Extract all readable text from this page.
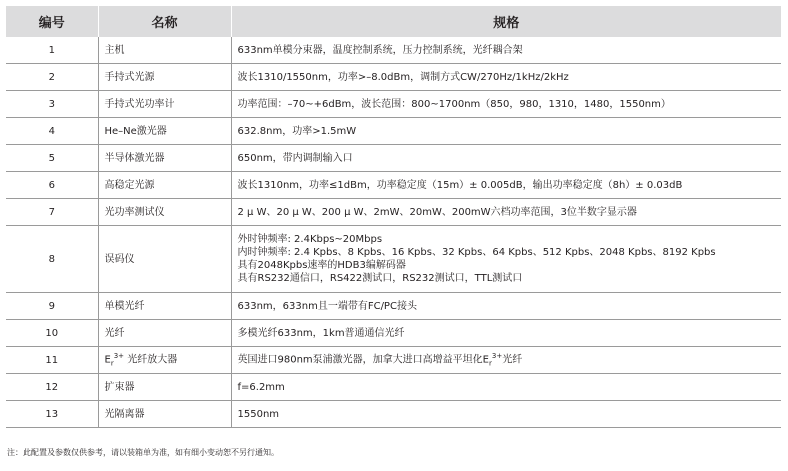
编号	名称	规格
1	主机	633nm单模分束器，温度控制系统，压力控制系统，光纤耦合架
2	手持式光源	波长1310/1550nm，功率>–8.0dBm，调制方式CW/270Hz/1kHz/2kHz
3	手持式光功率计	功率范围：–70~+6dBm，波长范围：800~1700nm（850，980，1310，1480，1550nm）
4	He–Ne激光器	632.8nm，功率>1.5mW
5	半导体激光器	650nm，带内调制输入口
6	高稳定光源	波长1310nm，功率≤1dBm，功率稳定度（15m）± 0.005dB，输出功率稳定度（8h）± 0.03dB
7	光功率测试仪	2 μ W、20 μ W、200 μ W、2mW、20mW、200mW六档功率范围，3位半数字显示器
8	误码仪	外时钟频率: 2.4Kbps~20Mbps
内时钟频率: 2.4 Kpbs、8 Kpbs、16 Kpbs、32 Kpbs、64 Kpbs、512 Kpbs、2048 Kpbs、8192 Kpbs
具有2048Kpbs速率的HDB3编解码器
具有RS232通信口，RS422测试口，RS232测试口，TTL测试口

9	单模光纤	633nm，633nm且一端带有FC/PC接头
10	光纤	多模光纤633nm，1km普通通信光纤
11	$E_r^{3+}$ 光纤放大器	英国进口980nm泵浦激光器，加拿大进口高增益平坦化$E_r^{3+}$光纤
12	扩束器	f=6.2mm
13	光隔离器	1550nm
注：此配置及参数仅供参考，请以装箱单为准，如有细小变动恕不另行通知。
